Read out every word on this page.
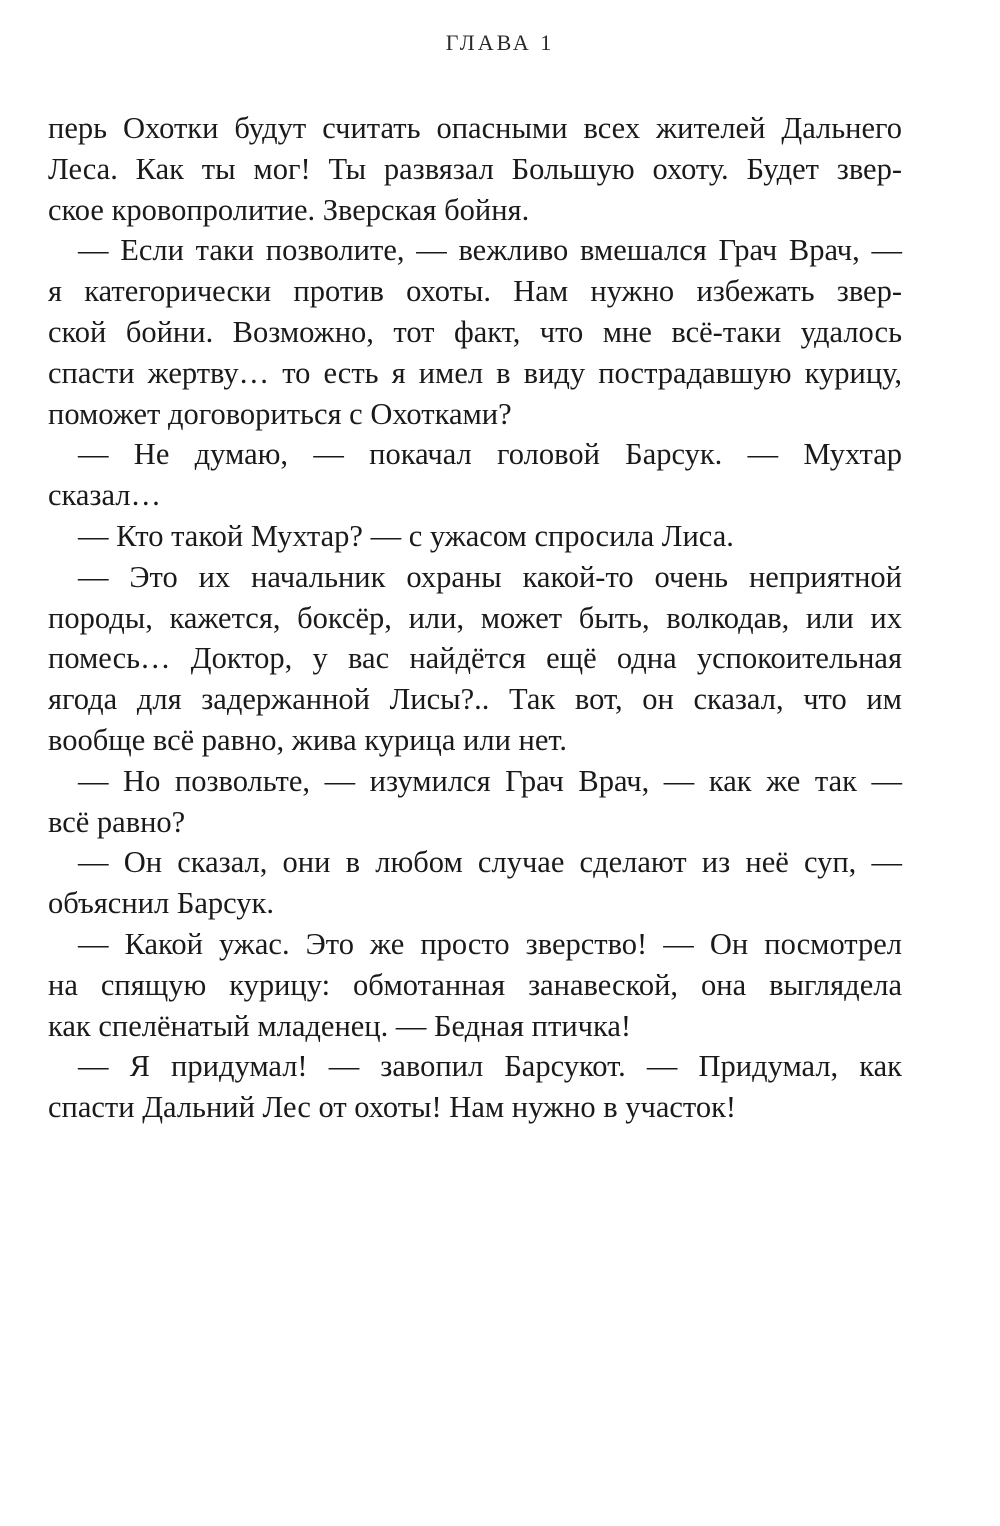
ГЛАВА 1
перь Охотки будут считать опасными всех жителей Дальнего
Леса. Как ты мог! Ты развязал Большую охоту. Будет звер-
ское кровопролитие. Зверская бойня.
— Если таки позволите, — вежливо вмешался Грач Врач, —
я категорически против охоты. Нам нужно избежать звер-
ской бойни. Возможно, тот факт, что мне всё-таки удалось
спасти жертву… то есть я имел в виду пострадавшую курицу,
поможет договориться с Охотками?
— Не думаю, — покачал головой Барсук. — Мухтар
сказал…
— Кто такой Мухтар? — с ужасом спросила Лиса.
— Это их начальник охраны какой-то очень неприятной
породы, кажется, боксёр, или, может быть, волкодав, или их
помесь… Доктор, у вас найдётся ещё одна успокоительная
ягода для задержанной Лисы?.. Так вот, он сказал, что им
вообще всё равно, жива курица или нет.
— Но позвольте, — изумился Грач Врач, — как же так —
всё равно?
— Он сказал, они в любом случае сделают из неё суп, —
объяснил Барсук.
— Какой ужас. Это же просто зверство! — Он посмотрел
на спящую курицу: обмотанная занавеской, она выглядела
как спелёнатый младенец. — Бедная птичка!
— Я придумал! — завопил Барсукот. — Придумал, как
спасти Дальний Лес от охоты! Нам нужно в участок!
